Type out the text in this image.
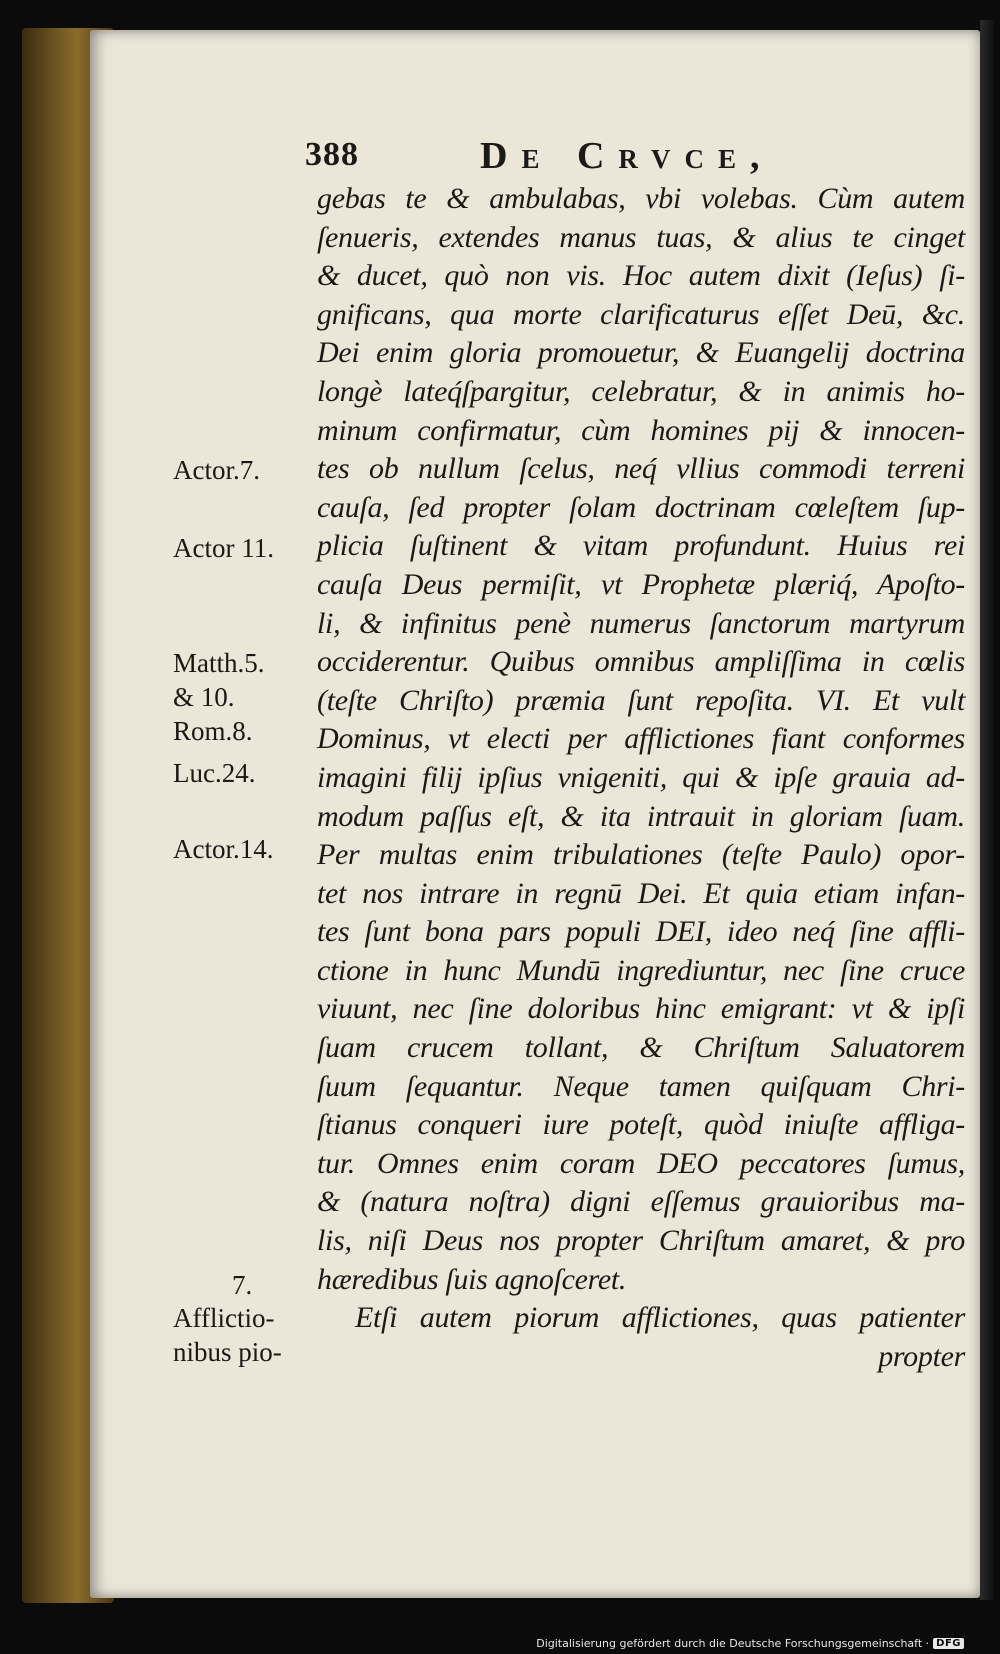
388	De Crvce,
gebas te & ambulabas, vbi volebas. Cùm autem
ſenueris, extendes manus tuas, & alius te cinget
& ducet, quò non vis. Hoc autem dixit (Ieſus) ſi-
gnificans, qua morte clarificaturus eſſet Deū, &c.
Dei enim gloria promouetur, & Euangelij doctrina
longè lateq́ſpargitur, celebratur, & in animis ho-
minum confirmatur, cùm homines pij & innocen-
tes ob nullum ſcelus, neq́ vllius commodi terreni
cauſa, ſed propter ſolam doctrinam cœleſtem ſup-
plicia ſuſtinent & vitam profundunt. Huius rei
cauſa Deus permiſit, vt Prophetæ plæriq́, Apoſto-
li, & infinitus penè numerus ſanctorum martyrum
occiderentur. Quibus omnibus ampliſſima in cœlis
(teſte Chriſto) præmia ſunt repoſita. VI. Et vult
Dominus, vt electi per afflictiones fiant conformes
imagini filij ipſius vnigeniti, qui & ipſe grauia ad-
modum paſſus eſt, & ita intrauit in gloriam ſuam.
Per multas enim tribulationes (teſte Paulo) opor-
tet nos intrare in regnū Dei. Et quia etiam infan-
tes ſunt bona pars populi DEI, ideo neq́ ſine affli-
ctione in hunc Mundū ingrediuntur, nec ſine cruce
viuunt, nec ſine doloribus hinc emigrant: vt & ipſi
ſuam crucem tollant, & Chriſtum Saluatorem
ſuum ſequantur. Neque tamen quiſquam Chri-
ſtianus conqueri iure poteſt, quòd iniuſte affliga-
tur. Omnes enim coram DEO peccatores ſumus,
& (natura noſtra) digni eſſemus grauioribus ma-
lis, niſi Deus nos propter Chriſtum amaret, & pro
hæredibus ſuis agnoſceret.
Etſi autem piorum afflictiones, quas patienter
propter
Actor.7.
Actor 11.
Matth.5.
& 10.
Rom.8.
Luc.24.
Actor.14.
7.
Afflictio-
nibus pio-
Digitalisierung gefördert durch die Deutsche Forschungsgemeinschaft · DFG
